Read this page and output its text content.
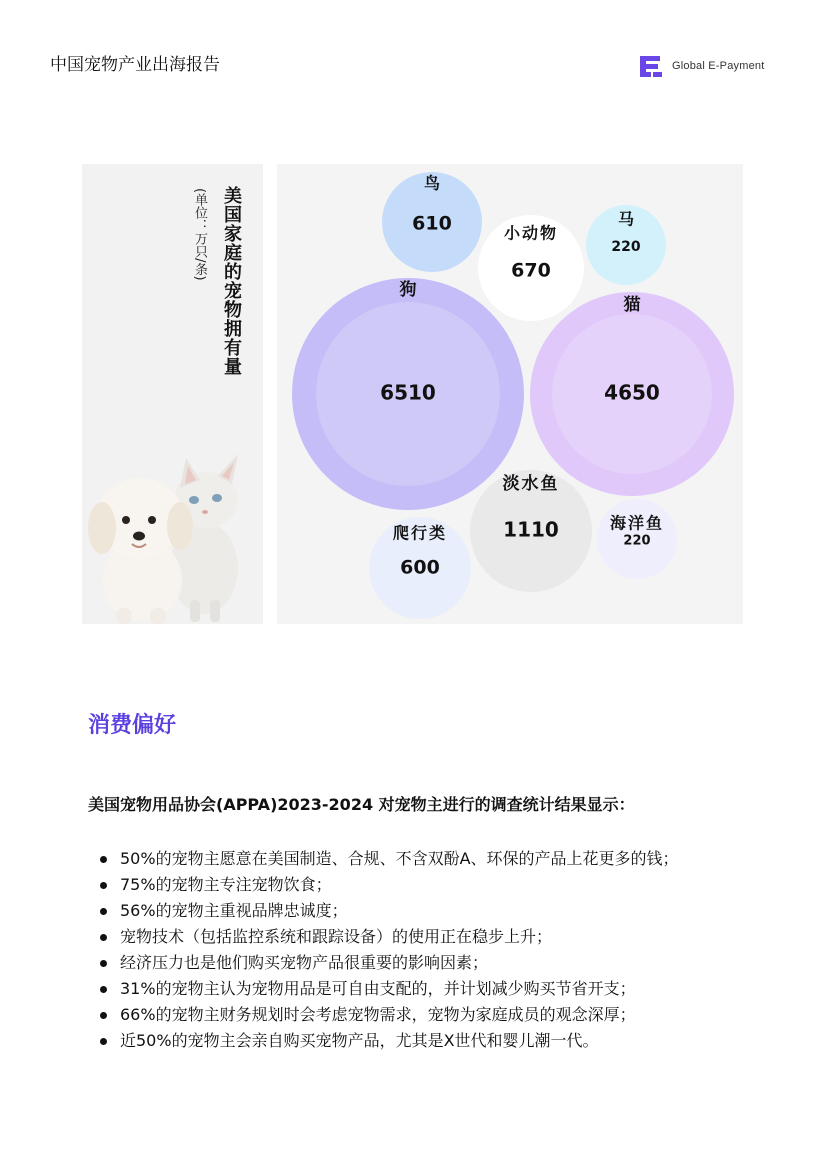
中国宠物产业出海报告	Global E-Payment
美国家庭的宠物拥有量
(单位：万只/条)
狗
6510
猫
4650
淡水鱼
1110
鸟
610	小动物
670
爬行类
600
马
220
海洋鱼
220
消费偏好
美国宠物用品协会(APPA)2023-2024 对宠物主进行的调查统计结果显示：
50%的宠物主愿意在美国制造、合规、不含双酚A、环保的产品上花更多的钱；
75%的宠物主专注宠物饮食；
56%的宠物主重视品牌忠诚度；
宠物技术（包括监控系统和跟踪设备）的使用正在稳步上升；
经济压力也是他们购买宠物产品很重要的影响因素；
31%的宠物主认为宠物用品是可自由支配的，并计划减少购买节省开支；
66%的宠物主财务规划时会考虑宠物需求，宠物为家庭成员的观念深厚；
近50%的宠物主会亲自购买宠物产品，尤其是X世代和婴儿潮一代。
